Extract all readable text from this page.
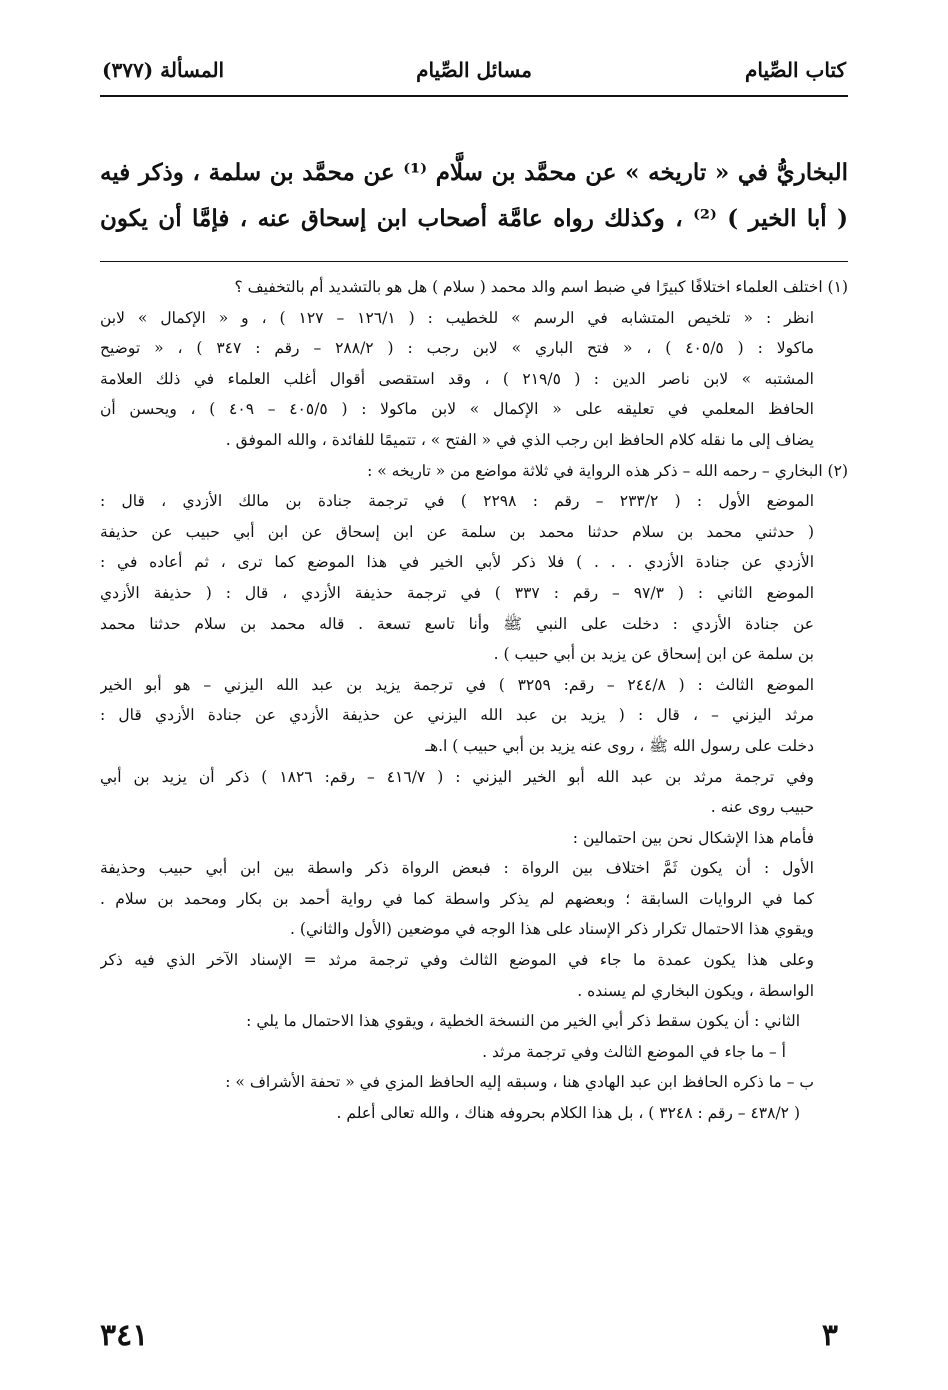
كتاب الصِّيام
مسائل الصِّيام
المسألة (٣٧٧)
البخاريُّ في « تاريخه » عن محمَّد بن سلَّام ⁽¹⁾ عن محمَّد بن سلمة ، وذكر فيه
( أبا الخير ) ⁽²⁾ ، وكذلك رواه عامَّة أصحاب ابن إسحاق عنه ، فإمَّا أن يكون
(١) اختلف العلماء اختلافًا كبيرًا في ضبط اسم والد محمد ( سلام ) هل هو بالتشديد أم بالتخفيف ؟
انظر : « تلخيص المتشابه في الرسم » للخطيب : ( ١٢٦/١ – ١٢٧ ) ، و « الإكمال » لابن
ماكولا : ( ٤٠٥/٥ ) ، « فتح الباري » لابن رجب : ( ٢٨٨/٢ – رقم : ٣٤٧ ) ، « توضيح
المشتبه » لابن ناصر الدين : ( ٢١٩/٥ ) ، وقد استقصى أقوال أغلب العلماء في ذلك العلامة
الحافظ المعلمي في تعليقه على « الإكمال » لابن ماكولا : ( ٤٠٥/٥ – ٤٠٩ ) ، ويحسن أن
يضاف إلى ما نقله كلام الحافظ ابن رجب الذي في « الفتح » ، تتميمًا للفائدة ، والله الموفق .
(٢) البخاري – رحمه الله – ذكر هذه الرواية في ثلاثة مواضع من « تاريخه » :
الموضع الأول : ( ٢٣٣/٢ – رقم : ٢٢٩٨ ) في ترجمة جنادة بن مالك الأزدي ، قال :
( حدثني محمد بن سلام حدثنا محمد بن سلمة عن ابن إسحاق عن ابن أبي حبيب عن حذيفة
الأزدي عن جنادة الأزدي . . . ) فلا ذكر لأبي الخير في هذا الموضع كما ترى ، ثم أعاده في :
الموضع الثاني : ( ٩٧/٣ – رقم : ٣٣٧ ) في ترجمة حذيفة الأزدي ، قال : ( حذيفة الأزدي
عن جنادة الأزدي : دخلت على النبي ﷺ وأنا تاسع تسعة . قاله محمد بن سلام حدثنا محمد
بن سلمة عن ابن إسحاق عن يزيد بن أبي حبيب ) .
الموضع الثالث : ( ٢٤٤/٨ – رقم: ٣٢٥٩ ) في ترجمة يزيد بن عبد الله اليزني – هو أبو الخير
مرثد اليزني – ، قال : ( يزيد بن عبد الله اليزني عن حذيفة الأزدي عن جنادة الأزدي قال :
دخلت على رسول الله ﷺ ، روى عنه يزيد بن أبي حبيب ) ا.هـ
وفي ترجمة مرثد بن عبد الله أبو الخير اليزني : ( ٤١٦/٧ – رقم: ١٨٢٦ ) ذكر أن يزيد بن أبي
حبيب روى عنه .
فأمام هذا الإشكال نحن بين احتمالين :
الأول : أن يكون ثَمَّ اختلاف بين الرواة : فبعض الرواة ذكر واسطة بين ابن أبي حبيب وحذيفة
كما في الروايات السابقة ؛ وبعضهم لم يذكر واسطة كما في رواية أحمد بن بكار ومحمد بن سلام .
ويقوي هذا الاحتمال تكرار ذكر الإسناد على هذا الوجه في موضعين (الأول والثاني) .
وعلى هذا يكون عمدة ما جاء في الموضع الثالث وفي ترجمة مرثد = الإسناد الآخر الذي فيه ذكر
الواسطة ، ويكون البخاري لم يسنده .
الثاني : أن يكون سقط ذكر أبي الخير من النسخة الخطية ، ويقوي هذا الاحتمال ما يلي :
أ – ما جاء في الموضع الثالث وفي ترجمة مرثد .
ب – ما ذكره الحافظ ابن عبد الهادي هنا ، وسبقه إليه الحافظ المزي في « تحفة الأشراف » :
( ٤٣٨/٢ – رقم : ٣٢٤٨ ) ، بل هذا الكلام بحروفه هناك ، والله تعالى أعلم .
٣
٣٤١
